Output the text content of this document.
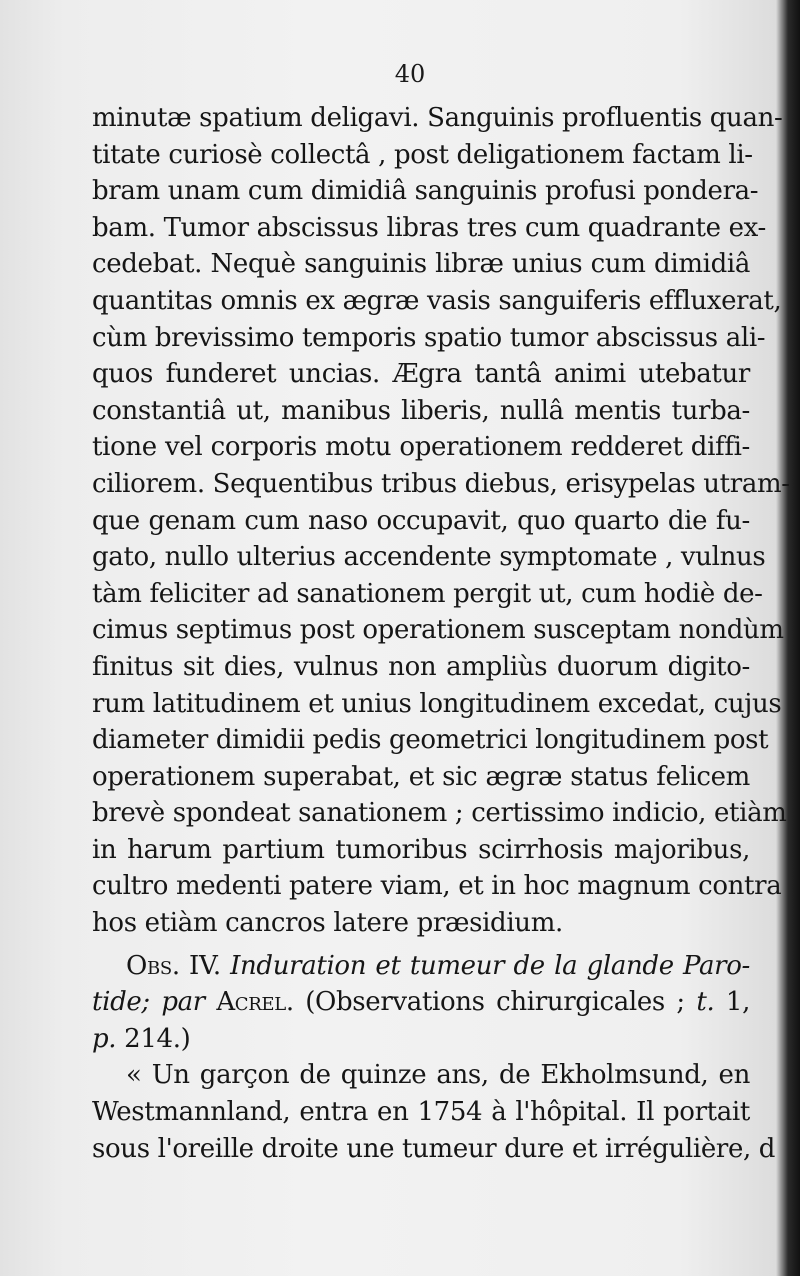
40
minutæ spatium deligavi. Sanguinis profluentis quan-
titate curiosè collectâ , post deligationem factam li-
bram unam cum dimidiâ sanguinis profusi pondera-
bam. Tumor abscissus libras tres cum quadrante ex-
cedebat. Nequè sanguinis libræ unius cum dimidiâ
quantitas omnis ex ægræ vasis sanguiferis effluxerat,
cùm brevissimo temporis spatio tumor abscissus ali-
quos funderet uncias. Ægra tantâ animi utebatur
constantiâ ut, manibus liberis, nullâ mentis turba-
tione vel corporis motu operationem redderet diffi-
ciliorem. Sequentibus tribus diebus, erisypelas utram-
que genam cum naso occupavit, quo quarto die fu-
gato, nullo ulterius accendente symptomate , vulnus
tàm feliciter ad sanationem pergit ut, cum hodiè de-
cimus septimus post operationem susceptam nondùm
finitus sit dies, vulnus non ampliùs duorum digito-
rum latitudinem et unius longitudinem excedat, cujus
diameter dimidii pedis geometrici longitudinem post
operationem superabat, et sic ægræ status felicem
brevè spondeat sanationem ; certissimo indicio, etiàm
in harum partium tumoribus scirrhosis majoribus,
cultro medenti patere viam, et in hoc magnum contra
hos etiàm cancros latere præsidium.
Obs. IV. Induration et tumeur de la glande Paro-
tide; par Acrel. (Observations chirurgicales ; t. 1,
p. 214.)
« Un garçon de quinze ans, de Ekholmsund, en
Westmannland, entra en 1754 à l'hôpital. Il portait
sous l'oreille droite une tumeur dure et irrégulière, d
